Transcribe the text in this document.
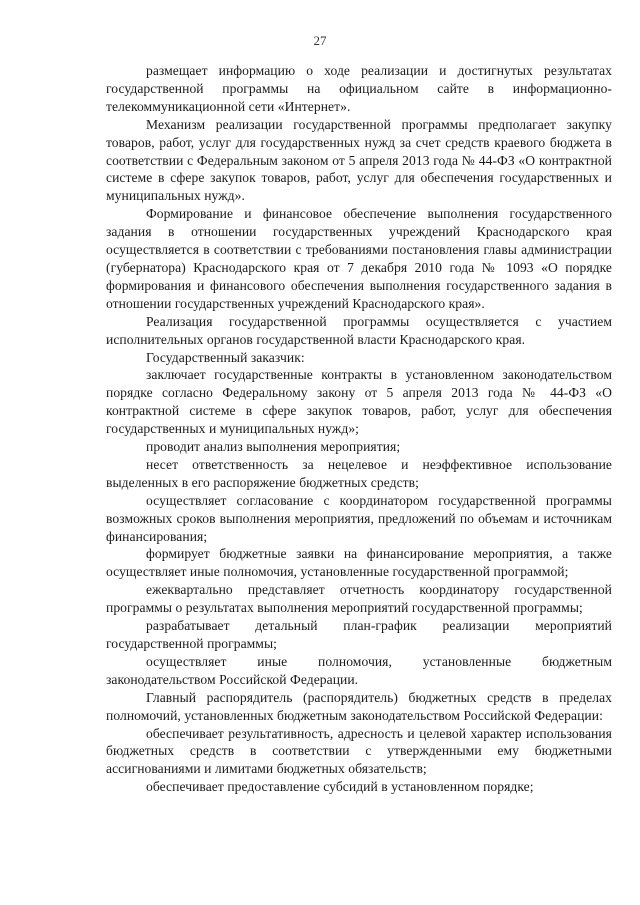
27

размещает информацию о ходе реализации и достигнутых результатах государственной программы на официальном сайте в информационно-телекоммуникационной сети «Интернет».

Механизм реализации государственной программы предполагает закупку товаров, работ, услуг для государственных нужд за счет средств краевого бюджета в соответствии с Федеральным законом от 5 апреля 2013 года № 44-ФЗ «О контрактной системе в сфере закупок товаров, работ, услуг для обеспечения государственных и муниципальных нужд».

Формирование и финансовое обеспечение выполнения государственного задания в отношении государственных учреждений Краснодарского края осуществляется в соответствии с требованиями постановления главы администрации (губернатора) Краснодарского края от 7 декабря 2010 года № 1093 «О порядке формирования и финансового обеспечения выполнения государственного задания в отношении государственных учреждений Краснодарского края».

Реализация государственной программы осуществляется с участием исполнительных органов государственной власти Краснодарского края.

Государственный заказчик:

заключает государственные контракты в установленном законодательством порядке согласно Федеральному закону от 5 апреля 2013 года № 44-ФЗ «О контрактной системе в сфере закупок товаров, работ, услуг для обеспечения государственных и муниципальных нужд»;

проводит анализ выполнения мероприятия;

несет ответственность за нецелевое и неэффективное использование выделенных в его распоряжение бюджетных средств;

осуществляет согласование с координатором государственной программы возможных сроков выполнения мероприятия, предложений по объемам и источникам финансирования;

формирует бюджетные заявки на финансирование мероприятия, а также осуществляет иные полномочия, установленные государственной программой;

ежеквартально представляет отчетность координатору государственной программы о результатах выполнения мероприятий государственной программы;

разрабатывает детальный план-график реализации мероприятий государственной программы;

осуществляет иные полномочия, установленные бюджетным законодательством Российской Федерации.

Главный распорядитель (распорядитель) бюджетных средств в пределах полномочий, установленных бюджетным законодательством Российской Федерации:

обеспечивает результативность, адресность и целевой характер использования бюджетных средств в соответствии с утвержденными ему бюджетными ассигнованиями и лимитами бюджетных обязательств;

обеспечивает предоставление субсидий в установленном порядке;
